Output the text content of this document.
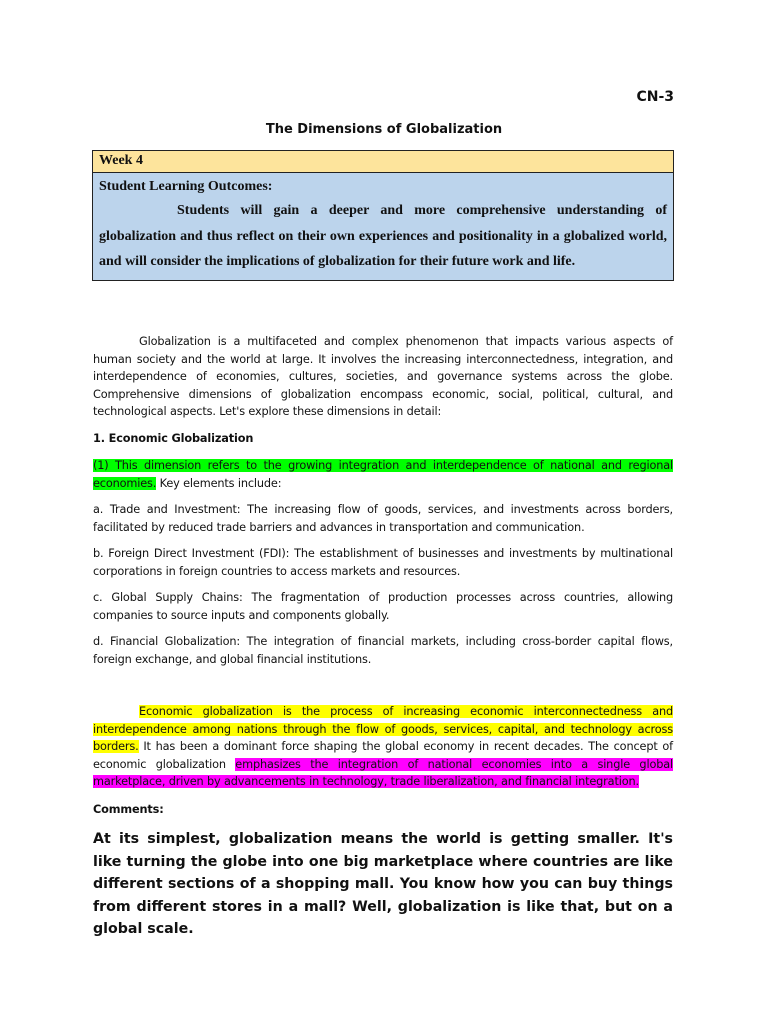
CN-3
The Dimensions of Globalization
Week 4
Student Learning Outcomes:
Students will gain a deeper and more comprehensive understanding of globalization and thus reflect on their own experiences and positionality in a globalized world, and will consider the implications of globalization for their future work and life.

Globalization is a multifaceted and complex phenomenon that impacts various aspects of human society and the world at large. It involves the increasing interconnectedness, integration, and interdependence of economies, cultures, societies, and governance systems across the globe. Comprehensive dimensions of globalization encompass economic, social, political, cultural, and technological aspects. Let's explore these dimensions in detail:

1. Economic Globalization

(1) This dimension refers to the growing integration and interdependence of national and regional economies. Key elements include:

a. Trade and Investment: The increasing flow of goods, services, and investments across borders, facilitated by reduced trade barriers and advances in transportation and communication.

b. Foreign Direct Investment (FDI): The establishment of businesses and investments by multinational corporations in foreign countries to access markets and resources.

c. Global Supply Chains: The fragmentation of production processes across countries, allowing companies to source inputs and components globally.

d. Financial Globalization: The integration of financial markets, including cross-border capital flows, foreign exchange, and global financial institutions.

Economic globalization is the process of increasing economic interconnectedness and interdependence among nations through the flow of goods, services, capital, and technology across borders. It has been a dominant force shaping the global economy in recent decades. The concept of economic globalization emphasizes the integration of national economies into a single global marketplace, driven by advancements in technology, trade liberalization, and financial integration.

Comments:

At its simplest, globalization means the world is getting smaller. It's like turning the globe into one big marketplace where countries are like different sections of a shopping mall. You know how you can buy things from different stores in a mall? Well, globalization is like that, but on a global scale.
